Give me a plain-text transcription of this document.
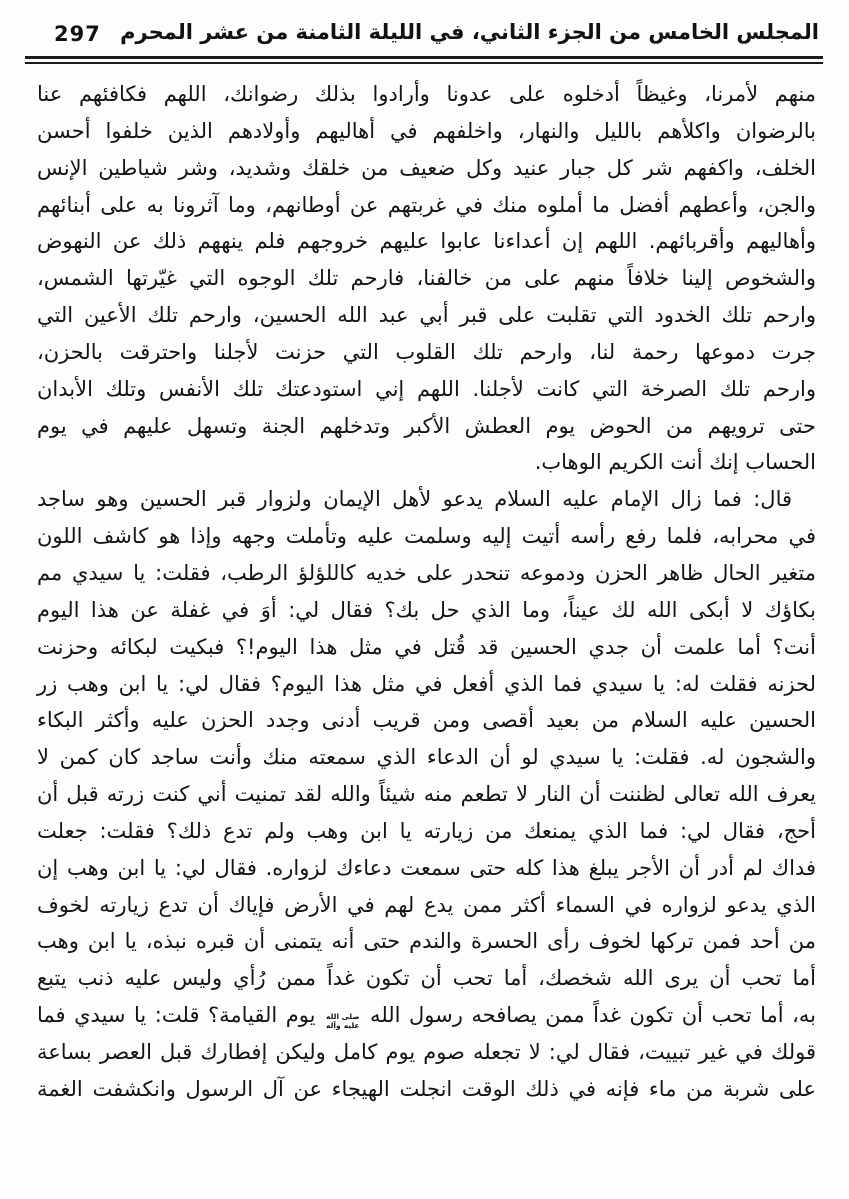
297 المجلس الخامس من الجزء الثاني، في الليلة الثامنة من عشر المحرم
منهم لأمرنا، وغيظاً أدخلوه على عدونا وأرادوا بذلك رضوانك، اللهم فكافئهم عنا
بالرضوان واكلأهم بالليل والنهار، واخلفهم في أهاليهم وأولادهم الذين خلفوا أحسن
الخلف، واكفهم شر كل جبار عنيد وكل ضعيف من خلقك وشديد، وشر شياطين الإنس
والجن، وأعطهم أفضل ما أملوه منك في غربتهم عن أوطانهم، وما آثرونا به على أبنائهم
وأهاليهم وأقربائهم. اللهم إن أعداءنا عابوا عليهم خروجهم فلم ينههم ذلك عن النهوض
والشخوص إلينا خلافاً منهم على من خالفنا، فارحم تلك الوجوه التي غيّرتها الشمس،
وارحم تلك الخدود التي تقلبت على قبر أبي عبد الله الحسين، وارحم تلك الأعين التي
جرت دموعها رحمة لنا، وارحم تلك القلوب التي حزنت لأجلنا واحترقت بالحزن،
وارحم تلك الصرخة التي كانت لأجلنا. اللهم إني استودعتك تلك الأنفس وتلك الأبدان
حتى ترويهم من الحوض يوم العطش الأكبر وتدخلهم الجنة وتسهل عليهم في يوم
الحساب إنك أنت الكريم الوهاب.
قال: فما زال الإمام عليه السلام يدعو لأهل الإيمان ولزوار قبر الحسين وهو ساجد
في محرابه، فلما رفع رأسه أتيت إليه وسلمت عليه وتأملت وجهه وإذا هو كاشف اللون
متغير الحال ظاهر الحزن ودموعه تنحدر على خديه كاللؤلؤ الرطب، فقلت: يا سيدي مم
بكاؤك لا أبكى الله لك عيناً، وما الذي حل بك؟ فقال لي: أوَ في غفلة عن هذا اليوم
أنت؟ أما علمت أن جدي الحسين قد قُتل في مثل هذا اليوم!؟ فبكيت لبكائه وحزنت
لحزنه فقلت له: يا سيدي فما الذي أفعل في مثل هذا اليوم؟ فقال لي: يا ابن وهب زر
الحسين عليه السلام من بعيد أقصى ومن قريب أدنى وجدد الحزن عليه وأكثر البكاء
والشجون له. فقلت: يا سيدي لو أن الدعاء الذي سمعته منك وأنت ساجد كان كمن لا
يعرف الله تعالى لظننت أن النار لا تطعم منه شيئاً والله لقد تمنيت أني كنت زرته قبل أن
أحج، فقال لي: فما الذي يمنعك من زيارته يا ابن وهب ولم تدع ذلك؟ فقلت: جعلت
فداك لم أدر أن الأجر يبلغ هذا كله حتى سمعت دعاءك لزواره. فقال لي: يا ابن وهب إن
الذي يدعو لزواره في السماء أكثر ممن يدع لهم في الأرض فإياك أن تدع زيارته لخوف
من أحد فمن تركها لخوف رأى الحسرة والندم حتى أنه يتمنى أن قبره نبذه، يا ابن وهب
أما تحب أن يرى الله شخصك، أما تحب أن تكون غداً ممن رُأي وليس عليه ذنب يتبع
به، أما تحب أن تكون غداً ممن يصافحه رسول الله
صلى الله
عليه وآله
يوم القيامة؟ قلت: يا سيدي فما
قولك في غير تبييت، فقال لي: لا تجعله صوم يوم كامل وليكن إفطارك قبل العصر بساعة
على شربة من ماء فإنه في ذلك الوقت انجلت الهيجاء عن آل الرسول وانكشفت الغمة
